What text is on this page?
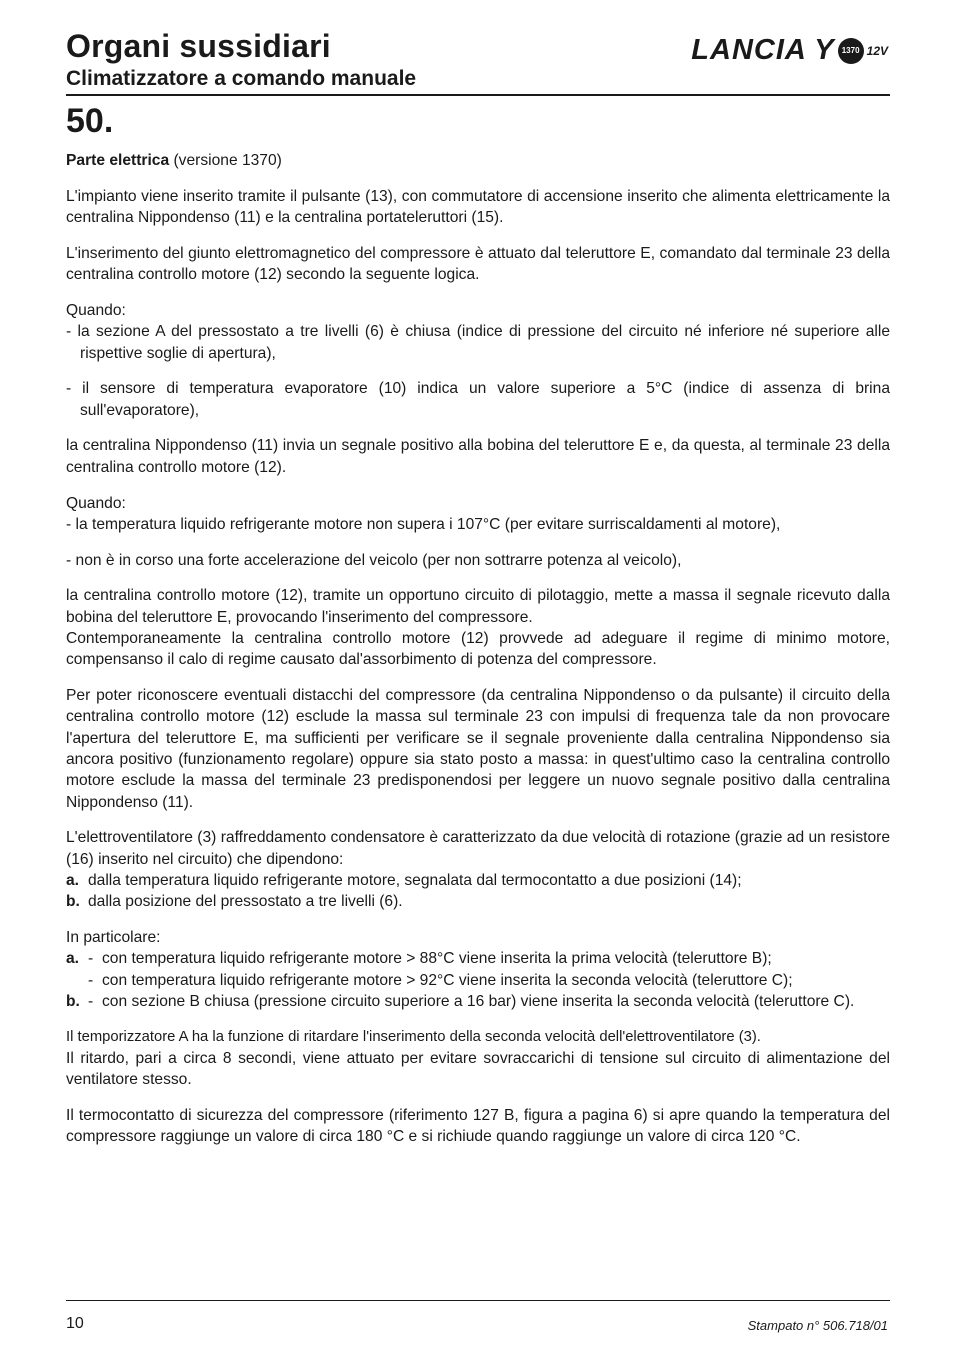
Organi sussidiari
Climatizzatore a comando manuale
LANCIA Y 1370 12V
50.

Parte elettrica (versione 1370)

L'impianto viene inserito tramite il pulsante (13), con commutatore di accensione inserito che alimenta elettricamente la centralina Nippondenso (11) e la centralina portateleruttori (15).

L'inserimento del giunto elettromagnetico del compressore è attuato dal teleruttore E, comandato dal terminale 23 della centralina controllo motore (12) secondo la seguente logica.

Quando:

- la sezione A del pressostato a tre livelli (6) è chiusa (indice di pressione del circuito né inferiore né superiore alle rispettive soglie di apertura),

- il sensore di temperatura evaporatore (10) indica un valore superiore a 5°C (indice di assenza di brina sull'evaporatore),

la centralina Nippondenso (11) invia un segnale positivo alla bobina del teleruttore E e, da questa, al terminale 23 della centralina controllo motore (12).

Quando:

- la temperatura liquido refrigerante motore non supera i 107°C (per evitare surriscaldamenti al motore),

- non è in corso una forte accelerazione del veicolo (per non sottrarre potenza al veicolo),

la centralina controllo motore (12), tramite un opportuno circuito di pilotaggio, mette a massa il segnale ricevuto dalla bobina del teleruttore E, provocando l'inserimento del compressore.

Contemporaneamente la centralina controllo motore (12) provvede ad adeguare il regime di minimo motore, compensanso il calo di regime causato dal'assorbimento di potenza del compressore.

Per poter riconoscere eventuali distacchi del compressore (da centralina Nippondenso o da pulsante) il circuito della centralina controllo motore (12) esclude la massa sul terminale 23 con impulsi di frequenza tale da non provocare l'apertura del teleruttore E, ma sufficienti per verificare se il segnale proveniente dalla centralina Nippondenso sia ancora positivo (funzionamento regolare) oppure sia stato posto a massa: in quest'ultimo caso la centralina controllo motore esclude la massa del terminale 23 predisponendosi per leggere un nuovo segnale positivo dalla centralina Nippondenso (11).

L'elettroventilatore (3) raffreddamento condensatore è caratterizzato da due velocità di rotazione (grazie ad un resistore (16) inserito nel circuito) che dipendono:

a. dalla temperatura liquido refrigerante motore, segnalata dal termocontatto a due posizioni (14);
b. dalla posizione del pressostato a tre livelli (6).

In particolare:

a. - con temperatura liquido refrigerante motore > 88°C viene inserita la prima velocità (teleruttore B);
- con temperatura liquido refrigerante motore > 92°C viene inserita la seconda velocità (teleruttore C);
b. - con sezione B chiusa (pressione circuito superiore a 16 bar) viene inserita la seconda velocità (teleruttore C).

Il temporizzatore A ha la funzione di ritardare l'inserimento della seconda velocità dell'elettroventilatore (3).

Il ritardo, pari a circa 8 secondi, viene attuato per evitare sovraccarichi di tensione sul circuito di alimentazione del ventilatore stesso.

Il termocontatto di sicurezza del compressore (riferimento 127 B, figura a pagina 6) si apre quando la temperatura del compressore raggiunge un valore di circa 180 °C e si richiude quando raggiunge un valore di circa 120 °C.

10	Stampato n° 506.718/01
